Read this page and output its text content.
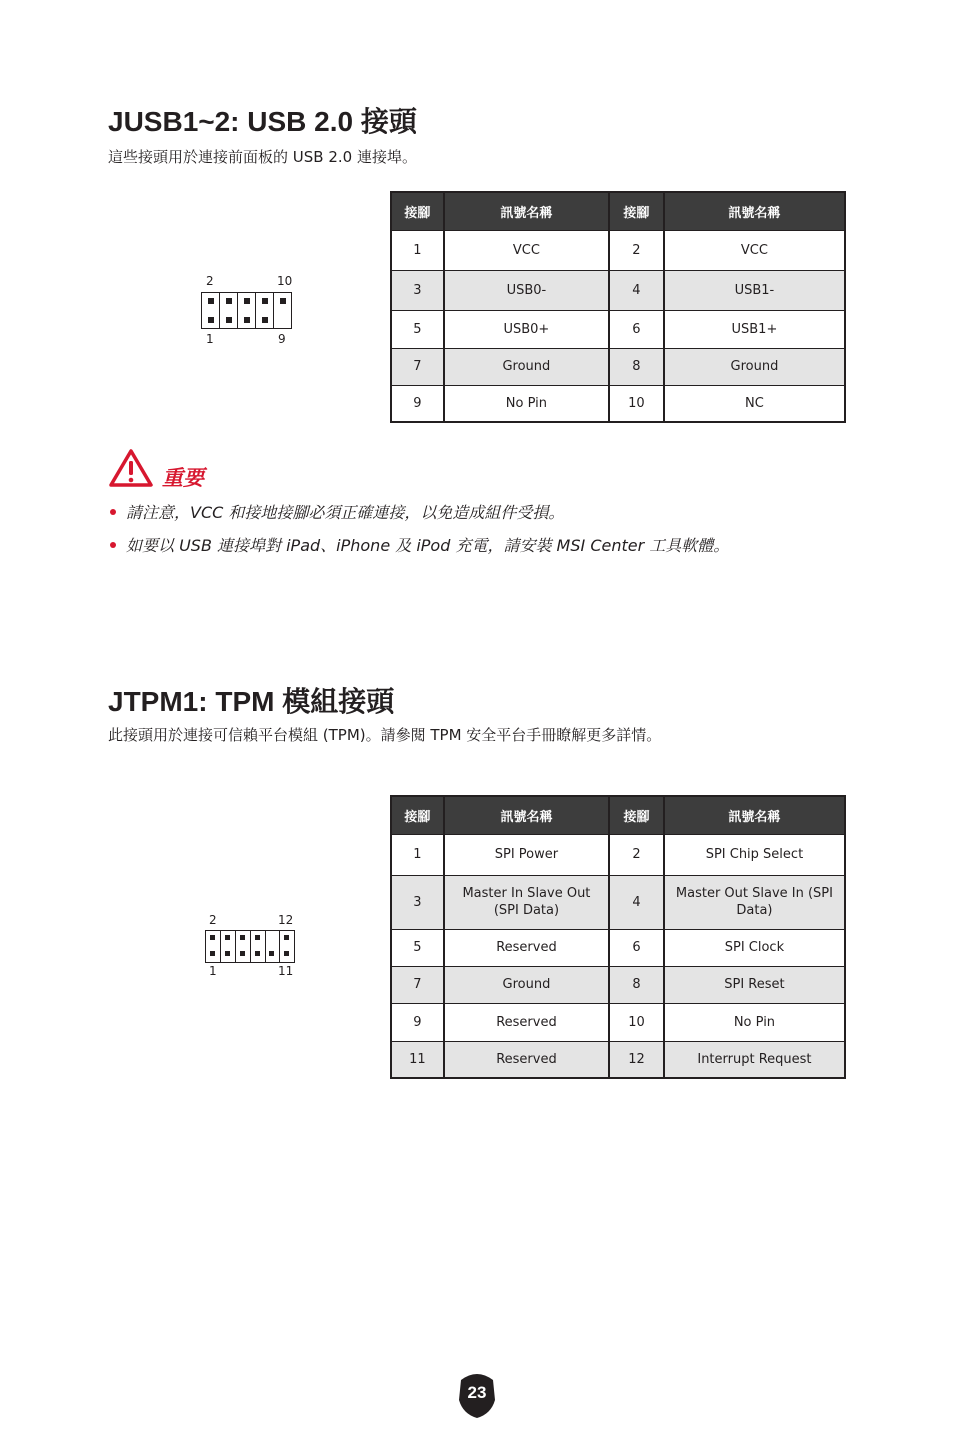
JUSB1~2: USB 2.0 接頭
這些接頭用於連接前面板的 USB 2.0 連接埠。
2	10
1	9
接腳	訊號名稱	接腳	訊號名稱
1	VCC	2	VCC
3	USB0-	4	USB1-
5	USB0+	6	USB1+
7	Ground	8	Ground
9	No Pin	10	NC
重要
請注意，VCC 和接地接腳必須正確連接，以免造成組件受損。
如要以 USB 連接埠對 iPad、iPhone 及 iPod 充電，請安裝 MSI Center 工具軟體。
JTPM1: TPM 模組接頭
此接頭用於連接可信賴平台模組 (TPM)。請參閱 TPM 安全平台手冊瞭解更多詳情。
2	12
1	11
接腳	訊號名稱	接腳	訊號名稱
1	SPI Power	2	SPI Chip Select
3	Master In Slave Out (SPI Data)	4	Master Out Slave In (SPI Data)
5	Reserved	6	SPI Clock
7	Ground	8	SPI Reset
9	Reserved	10	No Pin
11	Reserved	12	Interrupt Request
23
